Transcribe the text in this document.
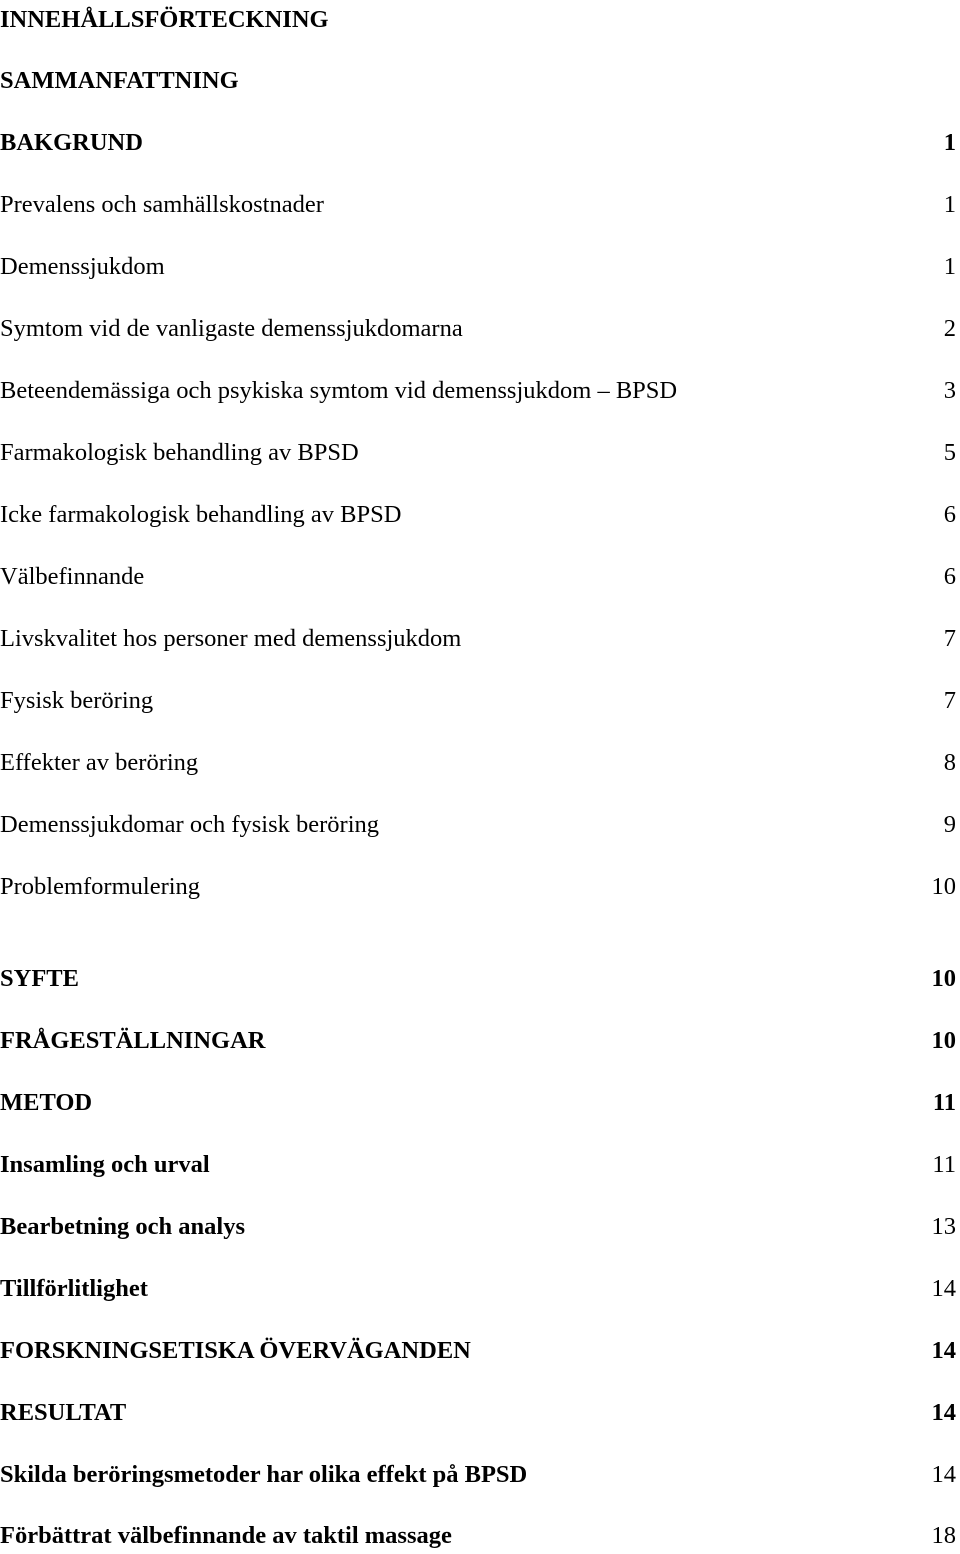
INNEHÅLLSFÖRTECKNING
SAMMANFATTNING
BAKGRUND	1
Prevalens och samhällskostnader	1
Demenssjukdom	1
Symtom vid de vanligaste demenssjukdomarna	2
Beteendemässiga och psykiska symtom vid demenssjukdom – BPSD	3
Farmakologisk behandling av BPSD	5
Icke farmakologisk behandling av BPSD	6
Välbefinnande	6
Livskvalitet hos personer med demenssjukdom	7
Fysisk beröring	7
Effekter av beröring	8
Demenssjukdomar och fysisk beröring	9
Problemformulering	10
SYFTE	10
FRÅGESTÄLLNINGAR	10
METOD	11
Insamling och urval	11
Bearbetning och analys	13
Tillförlitlighet	14
FORSKNINGSETISKA ÖVERVÄGANDEN	14
RESULTAT	14
Skilda beröringsmetoder har olika effekt på BPSD	14
Förbättrat välbefinnande av taktil massage	18
